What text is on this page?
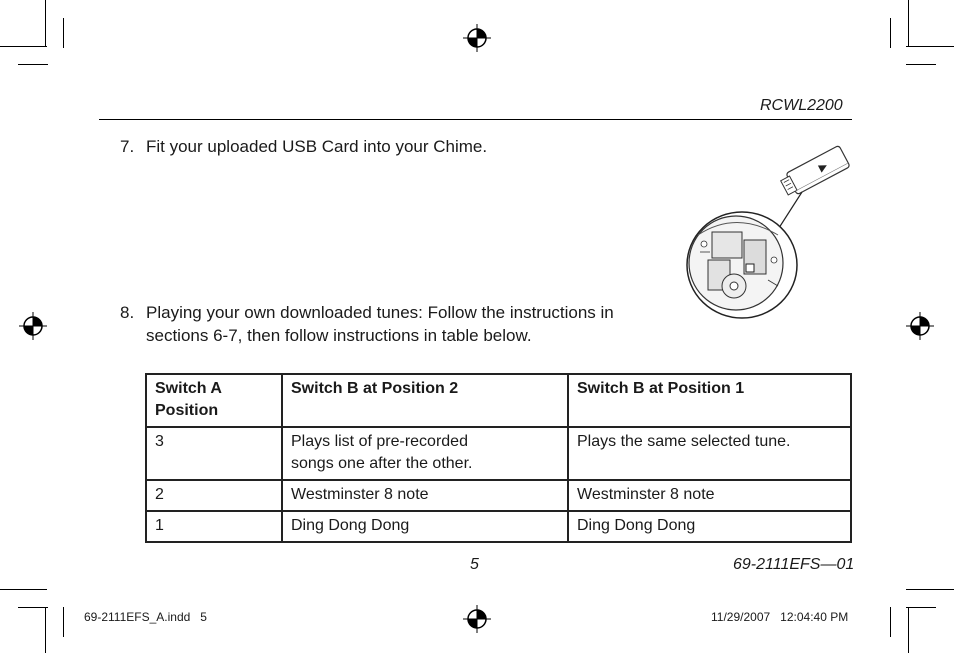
RCWL2200
7. Fit your uploaded USB Card into your Chime.
8. Playing your own downloaded tunes: Follow the instructions in
sections 6-7, then follow instructions in table below.
Switch A
Position	Switch B at Position 2	Switch B at Position 1
3	Plays list of pre-recorded
songs one after the other.	Plays the same selected tune.
2	Westminster 8 note	Westminster 8 note
1	Ding Dong Dong	Ding Dong Dong
5	69-2111EFS—01
69-2111EFS_A.indd   5	11/29/2007   12:04:40 PM
